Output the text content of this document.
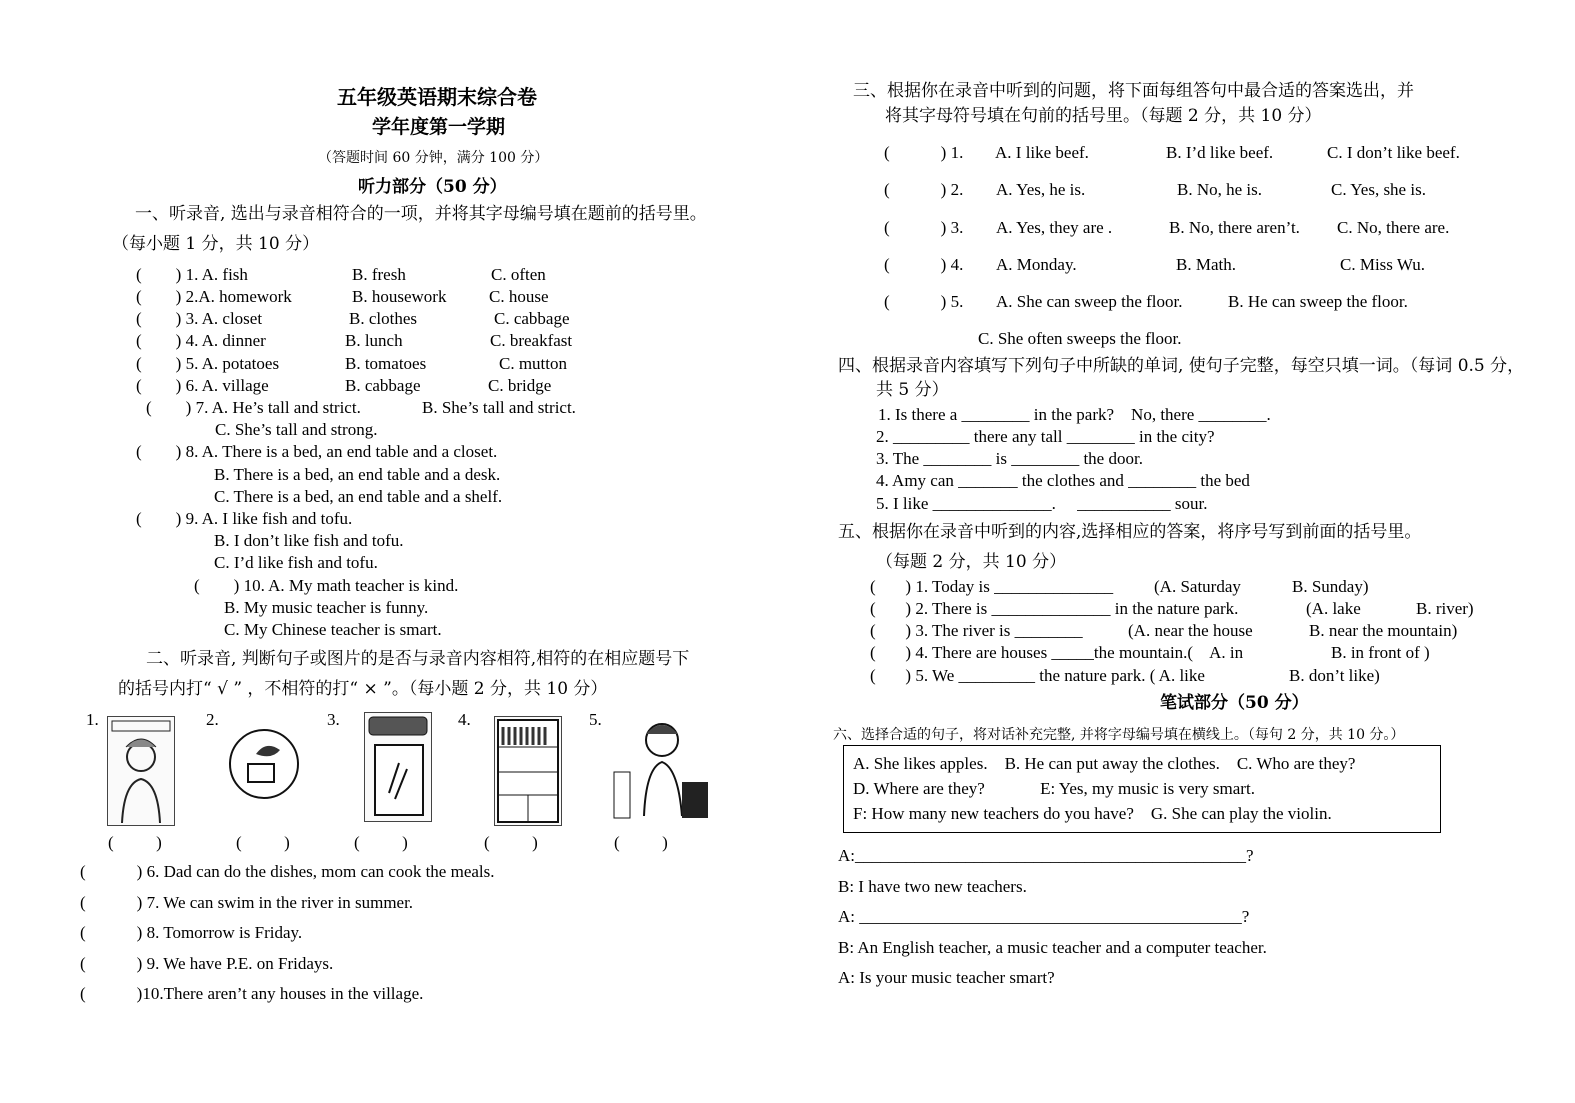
五年级英语期末综合卷
学年度第一学期
（答题时间 60 分钟，满分 100 分）
听力部分（50 分）
一、听录音, 选出与录音相符合的一项，并将其字母编号填在题前的括号里。
（每小题 1 分，共 10 分）
(        ) 1. A. fish	B. fresh	C. often
(        ) 2.A. homework	B. housework	C. house
(        ) 3. A. closet	B. clothes	C. cabbage
(        ) 4. A. dinner	B. lunch	C. breakfast
(        ) 5. A. potatoes	B. tomatoes	C. mutton
(        ) 6. A. village	B. cabbage	C. bridge
(        ) 7. A. He’s tall and strict.	B. She’s tall and strict.
C. She’s tall and strong.
(        ) 8. A. There is a bed, an end table and a closet.
B. There is a bed, an end table and a desk.
C. There is a bed, an end table and a shelf.
(        ) 9. A. I like fish and tofu.
B. I don’t like fish and tofu.
C. I’d like fish and tofu.
(        ) 10. A. My math teacher is kind.
B. My music teacher is funny.
C. My Chinese teacher is smart.
二、听录音, 判断句子或图片的是否与录音内容相符,相符的在相应题号下
的括号内打“ √ ” ，不相符的打“ × ”。（每小题 2 分，共 10 分）
1.	2.	3.	4.	5.
(          )	(          )	(          )	(          )	(          )
(            ) 6. Dad can do the dishes, mom can cook the meals.
(            ) 7. We can swim in the river in summer.
(            ) 8. Tomorrow is Friday.
(            ) 9. We have P.E. on Fridays.
(            )10.There aren’t any houses in the village.
三、根据你在录音中听到的问题，将下面每组答句中最合适的答案选出，并
将其字母符号填在句前的括号里。（每题 2 分，共 10 分）
(            ) 1. A. I like beef.	B. I’d like beef.	C. I don’t like beef.
(            ) 2. A. Yes, he is.	B. No, he is.	C. Yes, she is.
(            ) 3. A. Yes, they are .	B. No, there aren’t. C. No, there are.
(            ) 4. A. Monday.	B. Math.	C. Miss Wu.
(            ) 5. A. She can sweep the floor.	B. He can sweep the floor.
C. She often sweeps the floor.
四、根据录音内容填写下列句子中所缺的单词, 使句子完整，每空只填一词。（每词 0.5 分，
共 5 分）
1. Is there a ________ in the park?    No, there ________.
2. _________ there any tall ________ in the city?
3. The ________ is ________ the door.
4. Amy can _______ the clothes and ________ the bed
5. I like ______________.     ___________ sour.
五、根据你在录音中听到的内容,选择相应的答案，将序号写到前面的括号里。
（每题 2 分，共 10 分）
(       ) 1. Today is ______________ (A. Saturday	B. Sunday)
(       ) 2. There is ______________ in the nature park.	(A. lake	B. river)
(       ) 3. The river is ________	(A. near the house	B. near the mountain)
(       ) 4. There are houses _____the mountain.(    A. in	B. in front of )
(       ) 5. We _________ the nature park. ( A. like	B. don’t like)
笔试部分（50 分）
六、选择合适的句子，将对话补充完整, 并将字母编号填在横线上。（每句 2 分，共 10 分。）
A. She likes apples.    B. He can put away the clothes.    C. Who are they?
D. Where are they?             E: Yes, my music is very smart.
F: How many new teachers do you have?    G. She can play the violin.
A:______________________________________________?
B: I have two new teachers.
A: _____________________________________________?
B: An English teacher, a music teacher and a computer teacher.
A: Is your music teacher smart?
